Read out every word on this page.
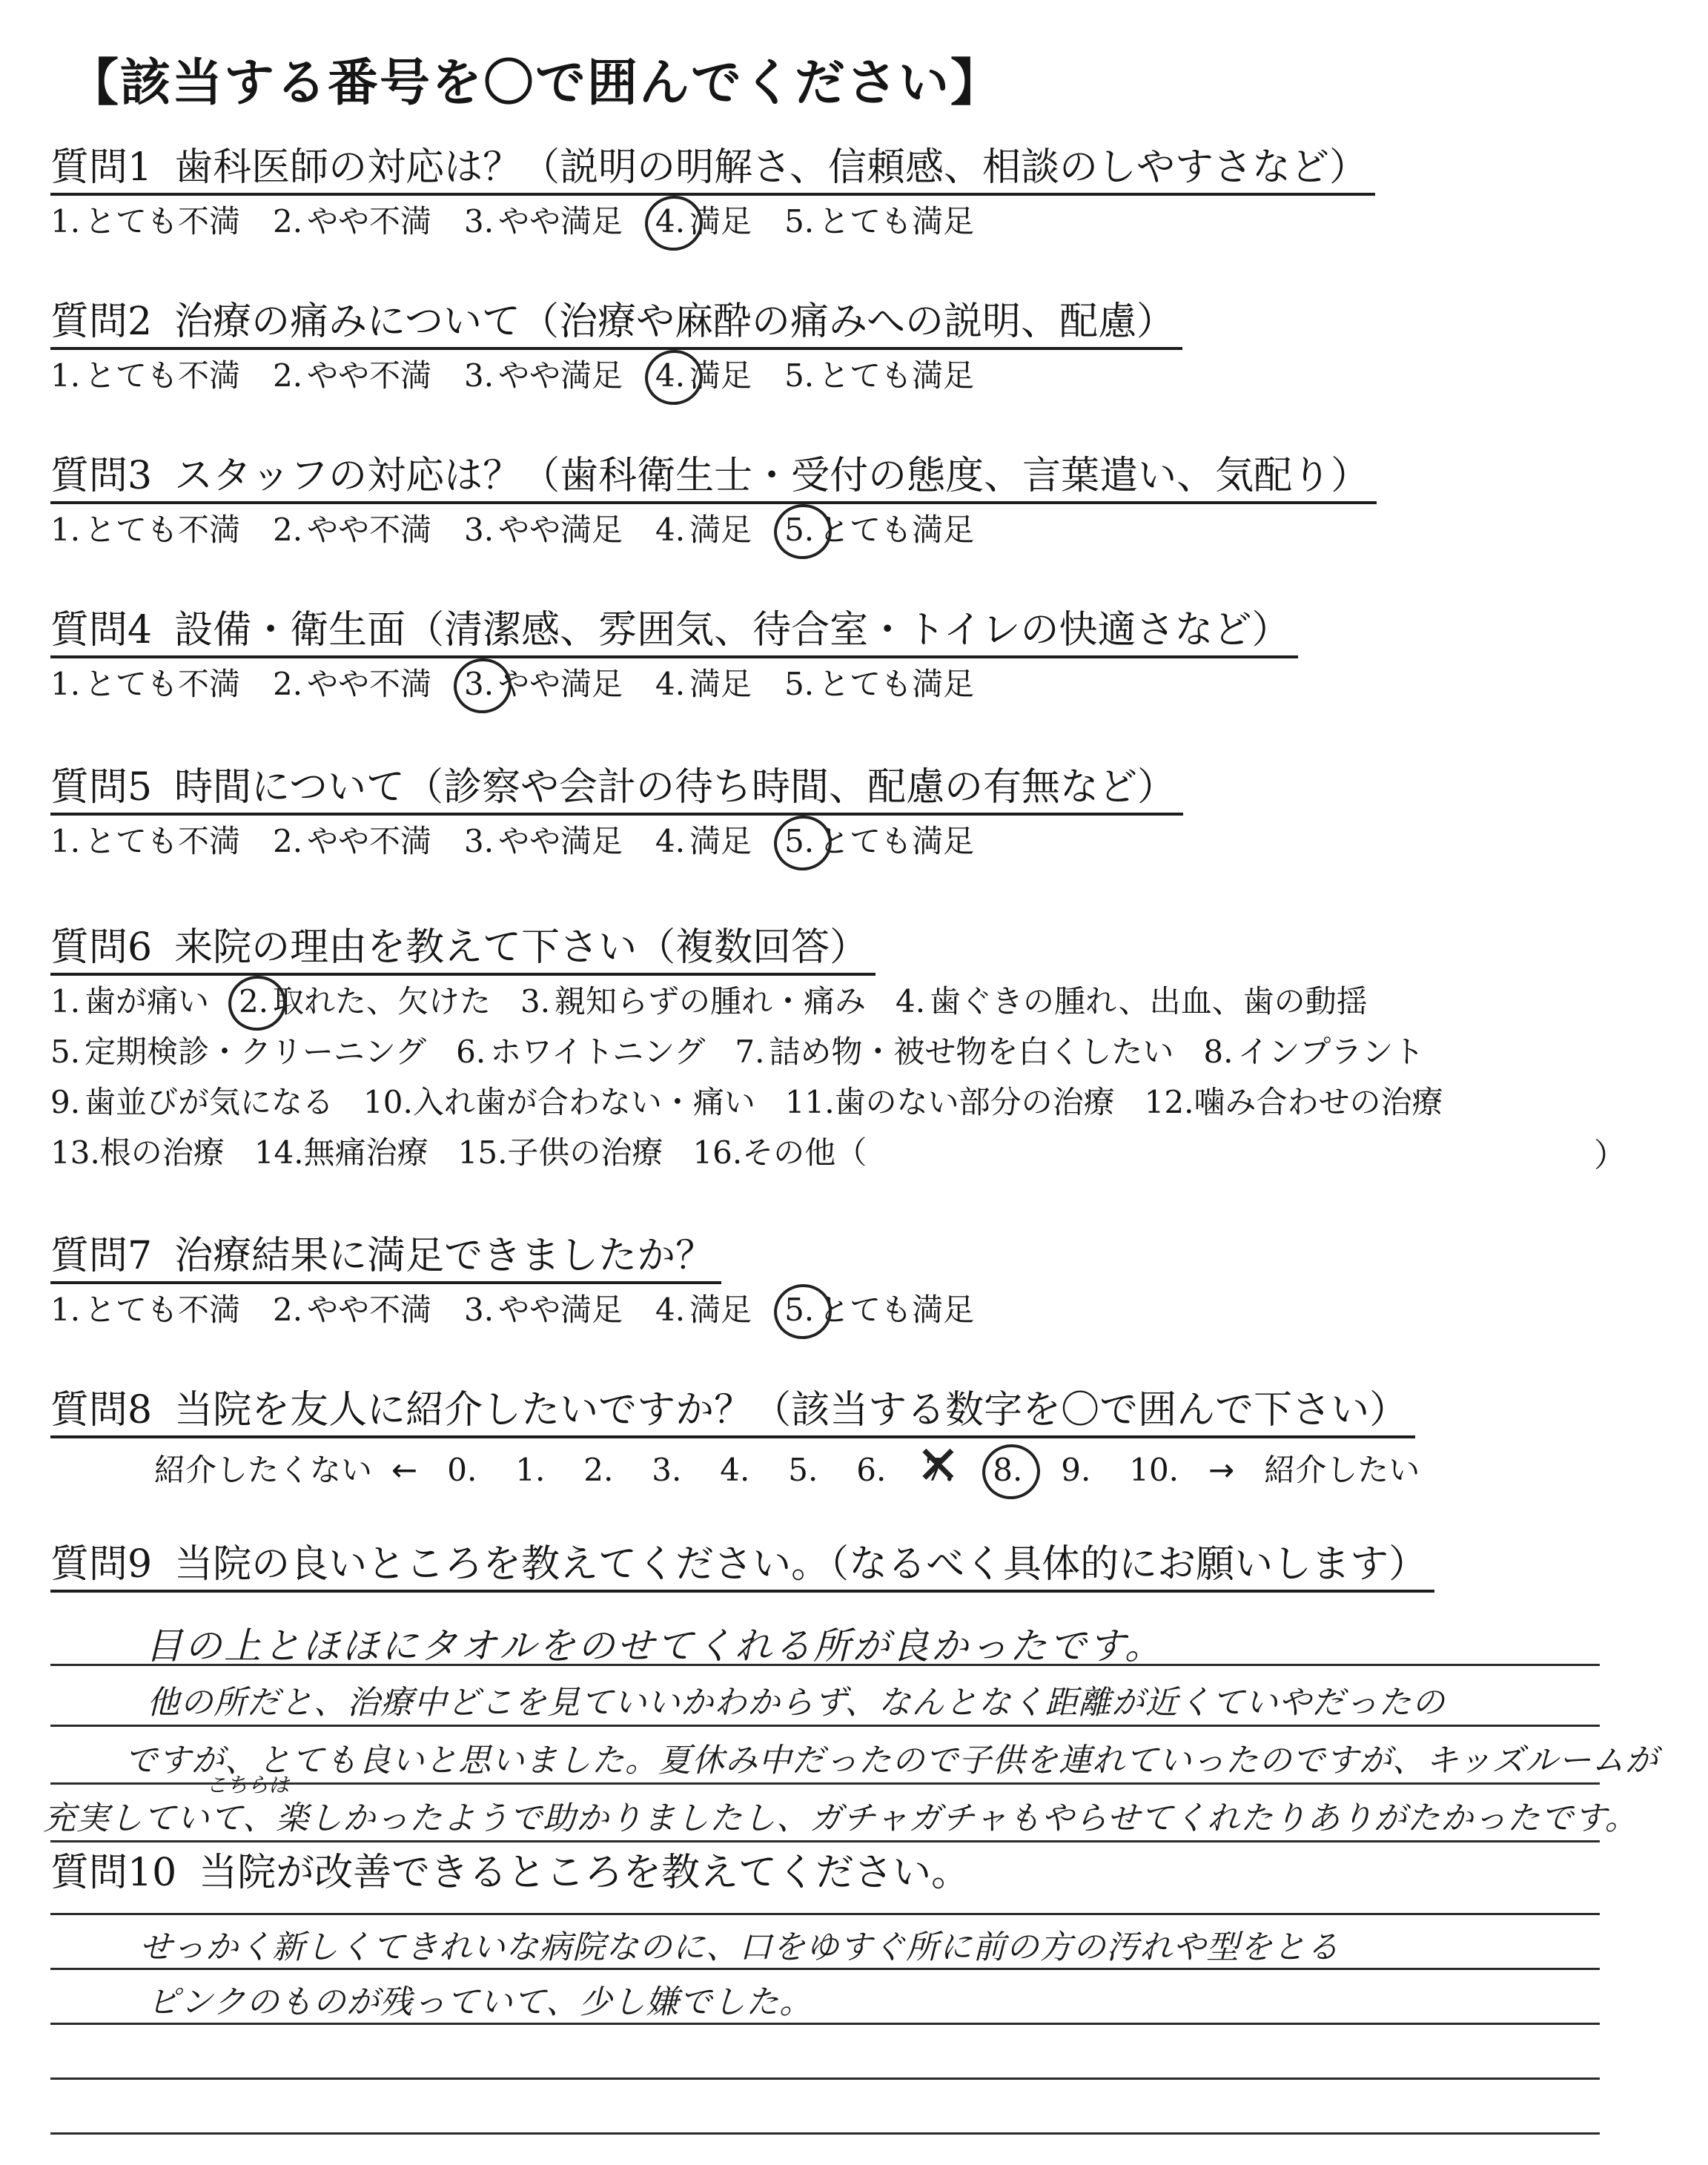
【該当する番号を〇で囲んでください】
質問1 歯科医師の対応は？（説明の明解さ、信頼感、相談のしやすさなど）
1. とても不満 2. やや不満 3. やや満足 4. 満足 5. とても満足
質問2 治療の痛みについて（治療や麻酔の痛みへの説明、配慮）
1. とても不満 2. やや不満 3. やや満足 4. 満足 5. とても満足
質問3 スタッフの対応は？（歯科衛生士・受付の態度、言葉遣い、気配り）
1. とても不満 2. やや不満 3. やや満足 4. 満足 5. とても満足
質問4 設備・衛生面（清潔感、雰囲気、待合室・トイレの快適さなど）
1. とても不満 2. やや不満 3. やや満足 4. 満足 5. とても満足
質問5 時間について（診察や会計の待ち時間、配慮の有無など）
1. とても不満 2. やや不満 3. やや満足 4. 満足 5. とても満足
質問6 来院の理由を教えて下さい（複数回答）
1. 歯が痛い 2. 取れた、欠けた 3. 親知らずの腫れ・痛み 4. 歯ぐきの腫れ、出血、歯の動揺
5. 定期検診・クリーニング 6. ホワイトニング 7. 詰め物・被せ物を白くしたい 8. インプラント
9. 歯並びが気になる 10.入れ歯が合わない・痛い 11.歯のない部分の治療 12.噛み合わせの治療
13.根の治療 14.無痛治療 15.子供の治療 16.その他（	）
質問7 治療結果に満足できましたか？
1. とても不満 2. やや不満 3. やや満足 4. 満足 5. とても満足
質問8 当院を友人に紹介したいですか？（該当する数字を〇で囲んで下さい）
紹介したくない ← 0. 1. 2. 3. 4. 5. 6. 7. ✕ 8. 9. 10. → 紹介したい
質問9 当院の良いところを教えてください。（なるべく具体的にお願いします）
目の上とほほにタオルをのせてくれる所が良かったです。
他の所だと、治療中どこを見ていいかわからず、なんとなく距離が近くていやだったの
ですが、とても良いと思いました。夏休み中だったので子供を連れていったのですが、キッズルームが
こちらは
充実していて、楽しかったようで助かりましたし、ガチャガチャもやらせてくれたりありがたかったです。
質問10 当院が改善できるところを教えてください。
せっかく新しくてきれいな病院なのに、口をゆすぐ所に前の方の汚れや型をとる
ピンクのものが残っていて、少し嫌でした。
